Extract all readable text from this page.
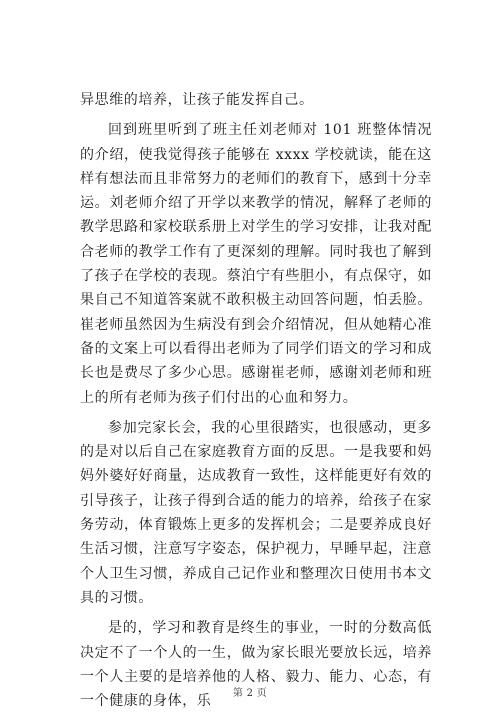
异思维的培养，让孩子能发挥自己。

回到班里听到了班主任刘老师对 101 班整体情况的介绍，使我觉得孩子能够在 xxxx 学校就读，能在这样有想法而且非常努力的老师们的教育下，感到十分幸运。刘老师介绍了开学以来教学的情况，解释了老师的教学思路和家校联系册上对学生的学习安排，让我对配合老师的教学工作有了更深刻的理解。同时我也了解到了孩子在学校的表现。蔡泊宁有些胆小，有点保守，如果自己不知道答案就不敢积极主动回答问题，怕丢脸。崔老师虽然因为生病没有到会介绍情况，但从她精心准备的文案上可以看得出老师为了同学们语文的学习和成长也是费尽了多少心思。感谢崔老师，感谢刘老师和班上的所有老师为孩子们付出的心血和努力。

参加完家长会，我的心里很踏实，也很感动，更多的是对以后自己在家庭教育方面的反思。一是我要和妈妈外婆好好商量，达成教育一致性，这样能更好有效的引导孩子，让孩子得到合适的能力的培养，给孩子在家务劳动，体育锻炼上更多的发挥机会；二是要养成良好生活习惯，注意写字姿态，保护视力，早睡早起，注意个人卫生习惯，养成自己记作业和整理次日使用书本文具的习惯。

是的，学习和教育是终生的事业，一时的分数高低决定不了一个人的一生，做为家长眼光要放长远，培养一个人主要的是培养他的人格、毅力、能力、心态，有一个健康的身体，乐	第 2 页
